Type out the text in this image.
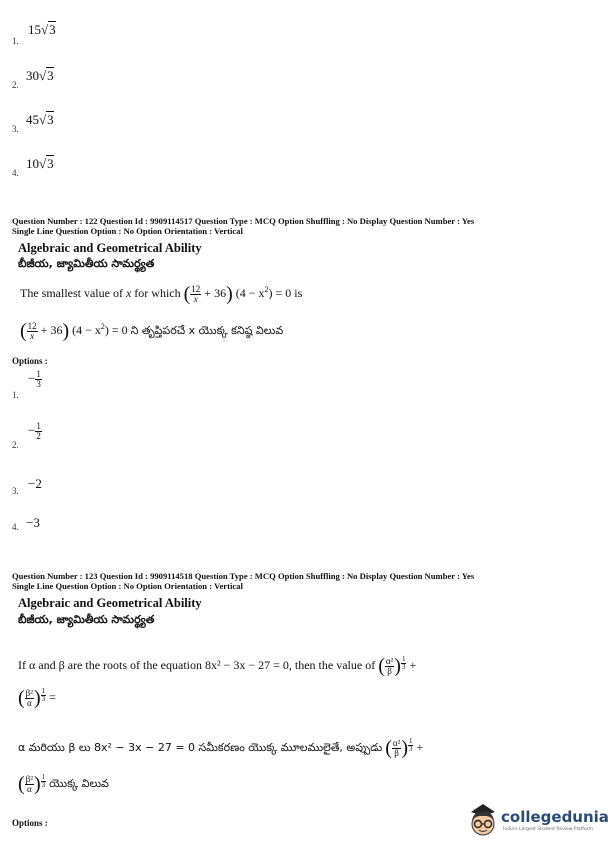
1.
15√3
2.
30√3
3.
45√3
4.
10√3
Question Number : 122 Question Id : 9909114517 Question Type : MCQ Option Shuffling : No Display Question Number : Yes
Single Line Question Option : No Option Orientation : Vertical
Algebraic and Geometrical Ability
బీజీయ, జ్యామితీయ సామర్థ్యత
The smallest value of x for which ( $\frac{12}{x} + 36$) $(4 - x^2) = 0$ is
( $\frac{12}{x} + 36$) $(4 - x^2) = 0$ ని తృప్తిపరచే x యొక్క కనిష్ఠ విలువ
Options :
1.
− $\frac{1}{3}$
2.
− $\frac{1}{2}$
3. −2
4. −3
Question Number : 123 Question Id : 9909114518 Question Type : MCQ Option Shuffling : No Display Question Number : Yes
Single Line Question Option : No Option Orientation : Vertical
Algebraic and Geometrical Ability
బీజీయ, జ్యామితీయ సామర్థ్యత
If α and β are the roots of the equation 8x² − 3x − 27 = 0, then the value of ( $\frac{\text{α²}}{\beta}$ ) $\frac{1}{3}$ +
( $\frac{\text{β²}}{\alpha}$ ) $\frac{1}{3}$ =
α మరియు β లు 8x² − 3x − 27 = 0 సమీకరణం యొక్క మూలములైతే, అప్పుడు ( $\frac{\text{α²}}{\beta}$ ) $\frac{1}{3}$ +
( $\frac{\text{β²}}{\alpha}$ ) $\frac{1}{3}$ యొక్క విలువ
Options :	collegedunia
India's Largest Student Review Platform
